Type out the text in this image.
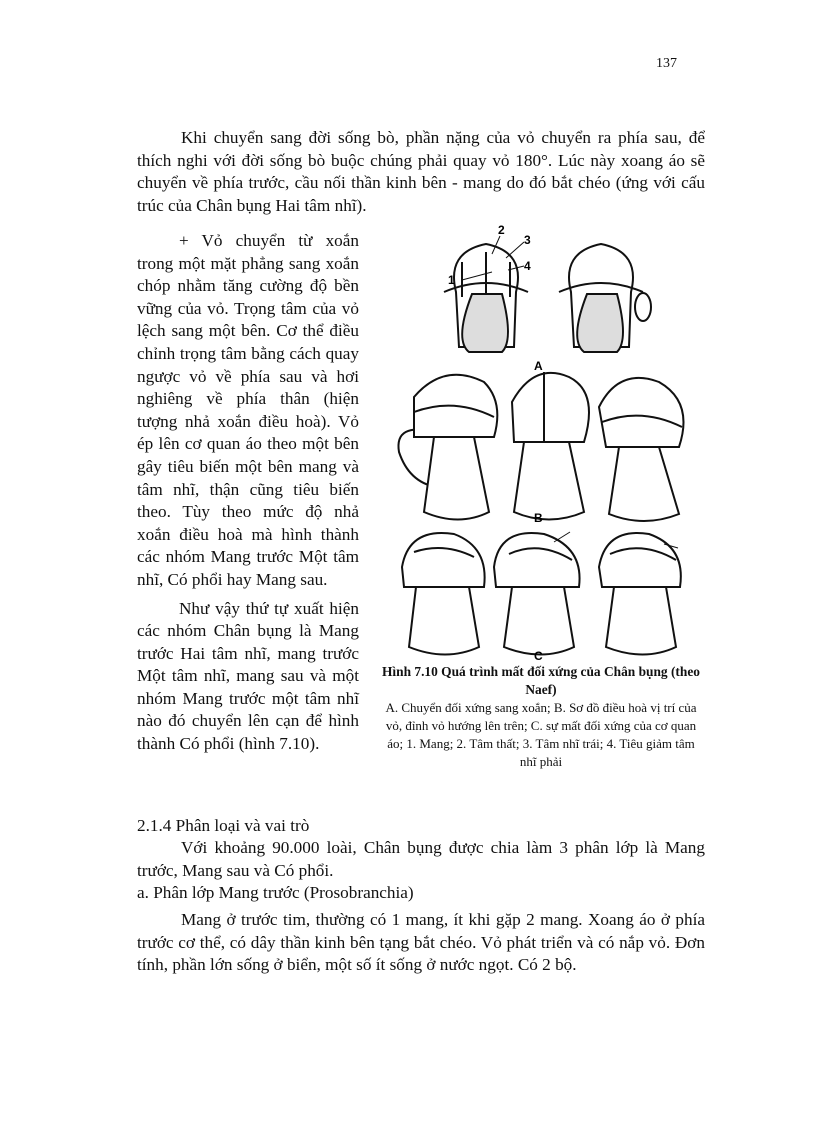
137
Khi chuyển sang đời sống bò, phần nặng của vỏ chuyển ra phía sau, để thích nghi với đời sống bò buộc chúng phải quay vỏ 180°. Lúc này xoang áo sẽ chuyển về phía trước, cầu nối thần kinh bên - mang do đó bắt chéo (ứng với cấu trúc của Chân bụng Hai tâm nhĩ).

+ Vỏ chuyển từ xoắn trong một mặt phẳng sang xoắn chóp nhằm tăng cường độ bền vững của vỏ. Trọng tâm của vỏ lệch sang một bên. Cơ thể điều chỉnh trọng tâm bằng cách quay ngược vỏ về phía sau và hơi nghiêng về phía thân (hiện tượng nhả xoắn điều hoà). Vỏ ép lên cơ quan áo theo một bên gây tiêu biến một bên mang và tâm nhĩ, thận cũng tiêu biến theo. Tùy theo mức độ nhả xoắn điều hoà mà hình thành các nhóm Mang trước Một tâm nhĩ, Có phổi hay Mang sau.

Như vậy thứ tự xuất hiện các nhóm Chân bụng là Mang trước Hai tâm nhĩ, mang trước Một tâm nhĩ, mang sau và một nhóm Mang trước một tâm nhĩ nào đó chuyển lên cạn để hình thành Có phổi (hình 7.10).

A
B
C
1
2
3
4
Hình 7.10 Quá trình mất đối xứng của Chân bụng (theo Naef)
A. Chuyển đối xứng sang xoắn; B. Sơ đồ điều hoà vị trí của vỏ, đỉnh vỏ hướng lên trên; C. sự mất đối xứng của cơ quan áo; 1. Mang; 2. Tâm thất; 3. Tâm nhĩ trái; 4. Tiêu giảm tâm nhĩ phải
2.1.4 Phân loại và vai trò
Với khoảng 90.000 loài, Chân bụng được chia làm 3 phân lớp là Mang trước, Mang sau và Có phổi.
a. Phân lớp Mang trước (Prosobranchia)
Mang ở trước tim, thường có 1 mang, ít khi gặp 2 mang. Xoang áo ở phía trước cơ thể, có dây thần kinh bên tạng bắt chéo. Vỏ phát triển và có nắp vỏ. Đơn tính, phần lớn sống ở biển, một số ít sống ở nước ngọt. Có 2 bộ.
